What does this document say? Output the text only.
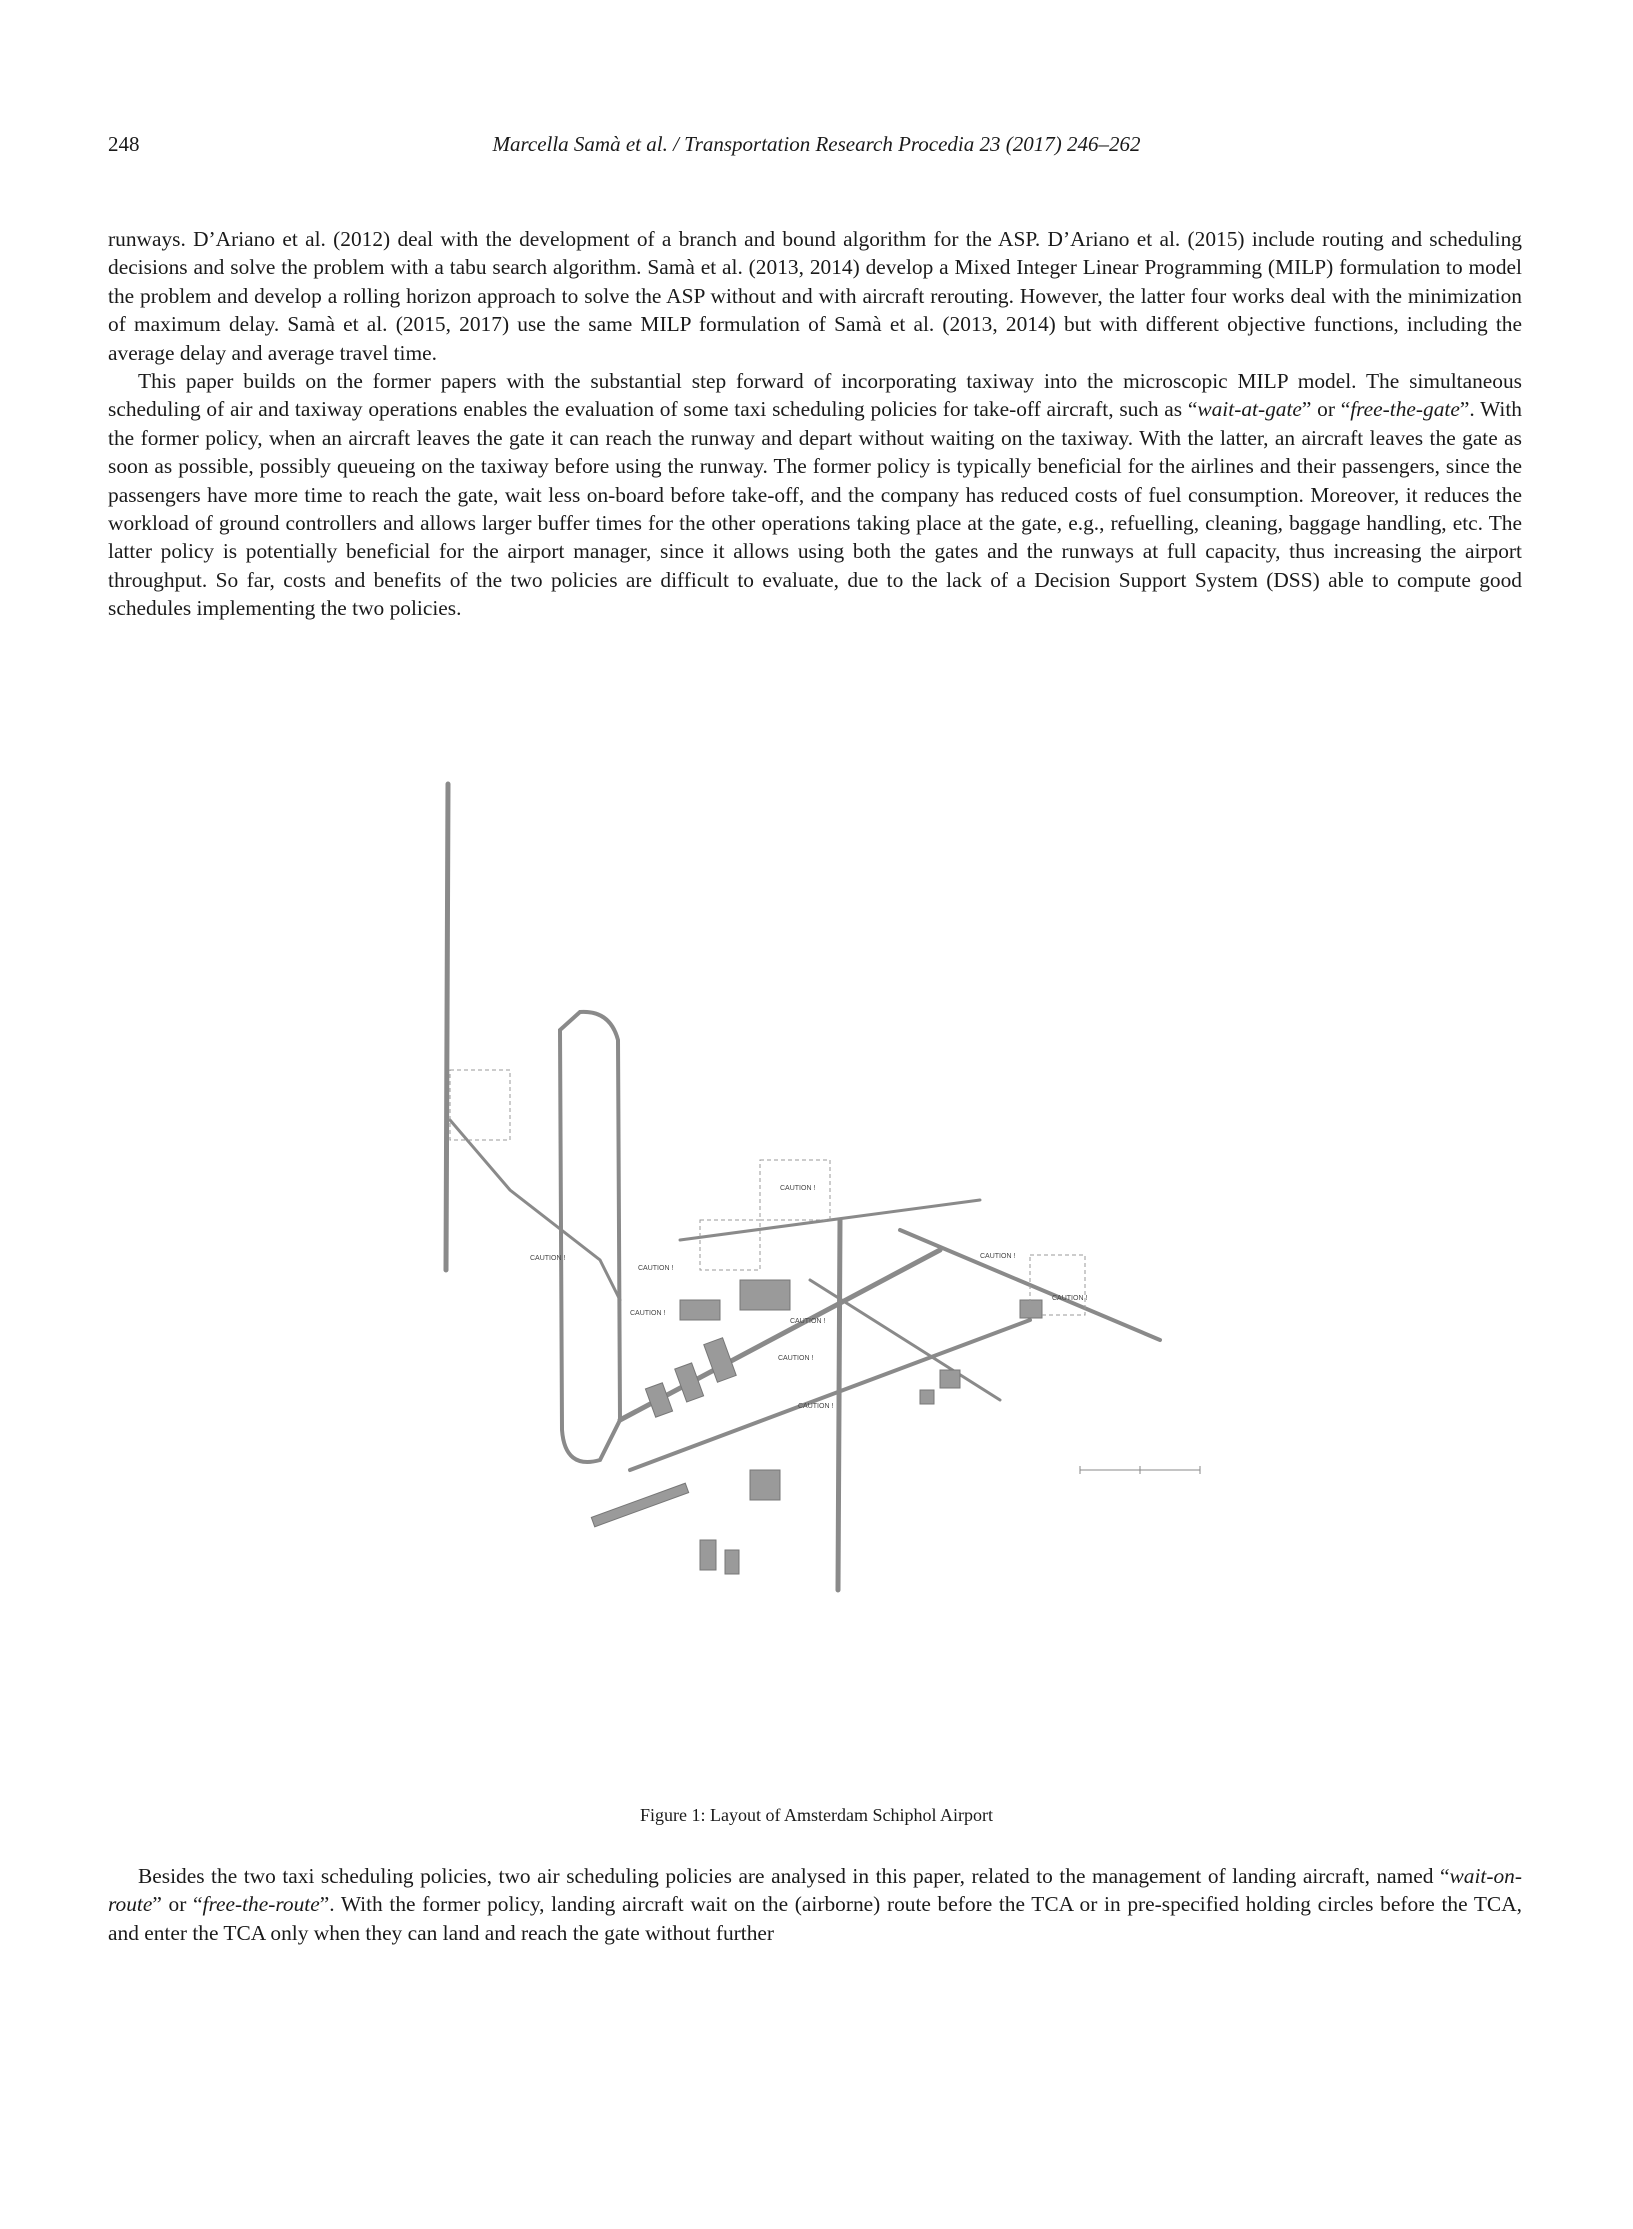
248	Marcella Samà et al. / Transportation Research Procedia 23 (2017) 246–262

runways. D’Ariano et al. (2012) deal with the development of a branch and bound algorithm for the ASP. D’Ariano et al. (2015) include routing and scheduling decisions and solve the problem with a tabu search algorithm. Samà et al. (2013, 2014) develop a Mixed Integer Linear Programming (MILP) formulation to model the problem and develop a rolling horizon approach to solve the ASP without and with aircraft rerouting. However, the latter four works deal with the minimization of maximum delay. Samà et al. (2015, 2017) use the same MILP formulation of Samà et al. (2013, 2014) but with different objective functions, including the average delay and average travel time.

This paper builds on the former papers with the substantial step forward of incorporating taxiway into the microscopic MILP model. The simultaneous scheduling of air and taxiway operations enables the evaluation of some taxi scheduling policies for take-off aircraft, such as “wait-at-gate” or “free-the-gate”. With the former policy, when an aircraft leaves the gate it can reach the runway and depart without waiting on the taxiway. With the latter, an aircraft leaves the gate as soon as possible, possibly queueing on the taxiway before using the runway. The former policy is typically beneficial for the airlines and their passengers, since the passengers have more time to reach the gate, wait less on-board before take-off, and the company has reduced costs of fuel consumption. Moreover, it reduces the workload of ground controllers and allows larger buffer times for the other operations taking place at the gate, e.g., refuelling, cleaning, baggage handling, etc. The latter policy is potentially beneficial for the airport manager, since it allows using both the gates and the runways at full capacity, thus increasing the airport throughput. So far, costs and benefits of the two policies are difficult to evaluate, due to the lack of a Decision Support System (DSS) able to compute good schedules implementing the two policies.

CAUTION !
CAUTION !
CAUTION !
CAUTION !
CAUTION !
CAUTION !
CAUTION !
CAUTION !
CAUTION !
Figure 1: Layout of Amsterdam Schiphol Airport

Besides the two taxi scheduling policies, two air scheduling policies are analysed in this paper, related to the management of landing aircraft, named “wait-on-route” or “free-the-route”. With the former policy, landing aircraft wait on the (airborne) route before the TCA or in pre-specified holding circles before the TCA, and enter the TCA only when they can land and reach the gate without further
